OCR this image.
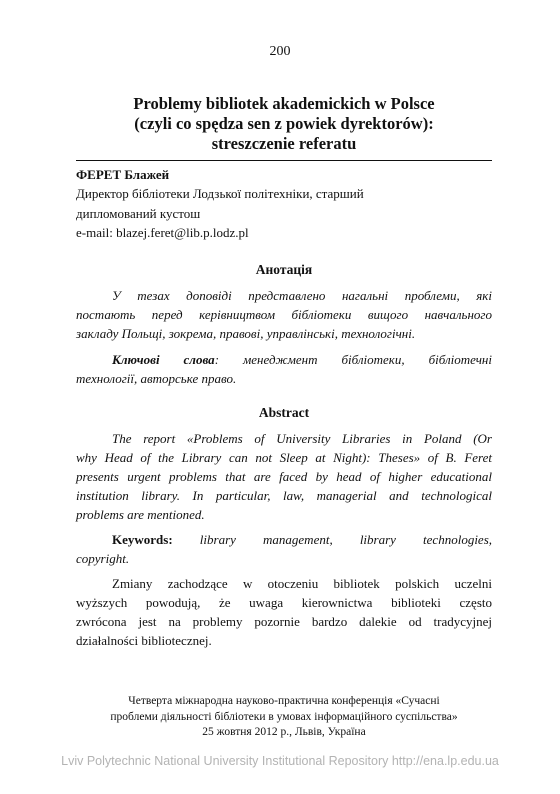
200
Problemy bibliotek akademickich w Polsce
(czyli co spędza sen z powiek dyrektorów):
streszczenie referatu
ФЕРЕТ Блажей
Директор бібліотеки Лодзької політехніки, старший
дипломований кустош
e-mail: blazej.feret@lib.p.lodz.pl
Анотація
У тезах доповіді представлено нагальні проблеми, які
постають перед керівництвом бібліотеки вищого навчального
закладу Польщі, зокрема, правові, управлінські, технологічні.
Ключові слова: менеджмент бібліотеки, бібліотечні
технології, авторське право.
Abstract
The report «Problems of University Libraries in Poland (Or
why Head of the Library can not Sleep at Night): Theses» of B. Feret
presents urgent problems that are faced by head of higher educational
institution library. In particular, law, managerial and technological
problems are mentioned.
Keywords: library management, library technologies,
copyright.
Zmiany zachodzące w otoczeniu bibliotek polskich uczelni
wyższych powodują, że uwaga kierownictwa biblioteki często
zwrócona jest na problemy pozornie bardzo dalekie od tradycyjnej
działalności bibliotecznej.
Четверта міжнародна науково-практична конференція «Сучасні
проблеми діяльності бібліотеки в умовах інформаційного суспільства»
25 жовтня 2012 р., Львів, Україна
Lviv Polytechnic National University Institutional Repository http://ena.lp.edu.ua
